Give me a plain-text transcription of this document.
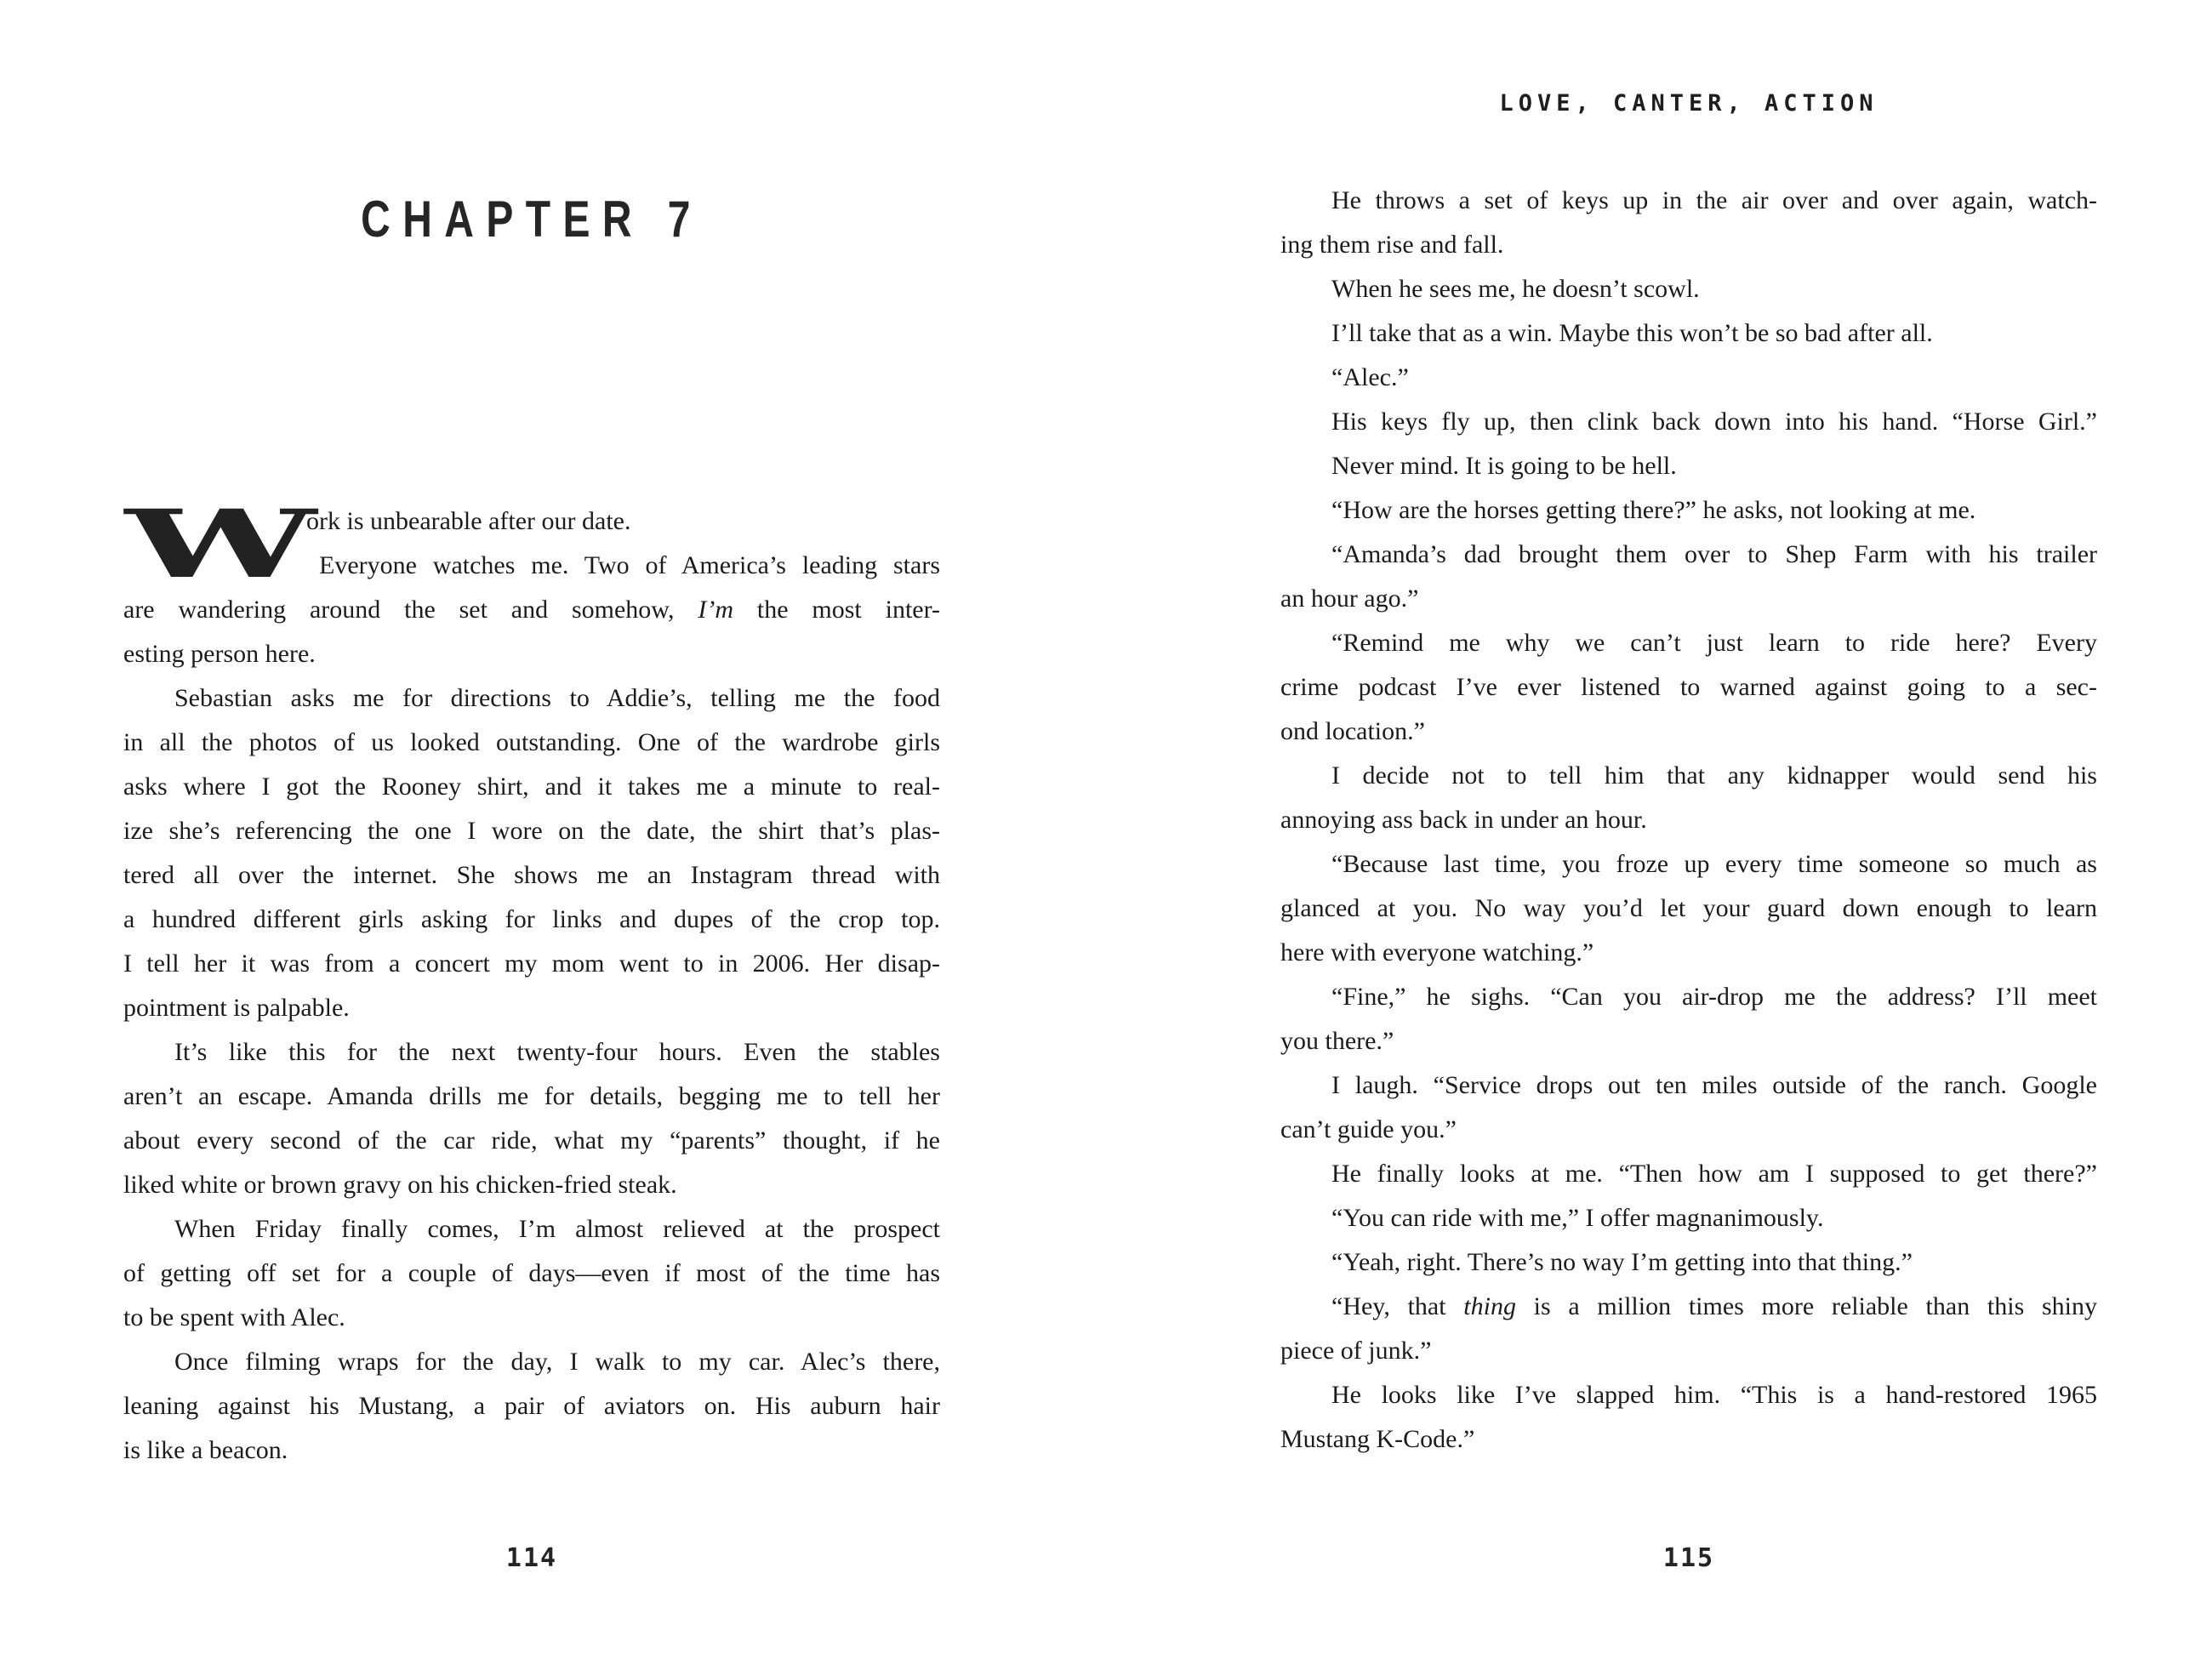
CHAPTER 7
W
ork is unbearable after our date.
Everyone watches me. Two of America’s leading stars
are wandering around the set and somehow, I’m the most inter-
esting person here.
Sebastian asks me for directions to Addie’s, telling me the food
in all the photos of us looked outstanding. One of the wardrobe girls
asks where I got the Rooney shirt, and it takes me a minute to real-
ize she’s referencing the one I wore on the date, the shirt that’s plas-
tered all over the internet. She shows me an Instagram thread with
a hundred different girls asking for links and dupes of the crop top.
I tell her it was from a concert my mom went to in 2006. Her disap-
pointment is palpable.
It’s like this for the next twenty-four hours. Even the stables
aren’t an escape. Amanda drills me for details, begging me to tell her
about every second of the car ride, what my “parents” thought, if he
liked white or brown gravy on his chicken-fried steak.
When Friday finally comes, I’m almost relieved at the prospect
of getting off set for a couple of days—even if most of the time has
to be spent with Alec.
Once filming wraps for the day, I walk to my car. Alec’s there,
leaning against his Mustang, a pair of aviators on. His auburn hair
is like a beacon.
114
LOVE, CANTER, ACTION
He throws a set of keys up in the air over and over again, watch-
ing them rise and fall.
When he sees me, he doesn’t scowl.
I’ll take that as a win. Maybe this won’t be so bad after all.
“Alec.”
His keys fly up, then clink back down into his hand. “Horse Girl.”
Never mind. It is going to be hell.
“How are the horses getting there?” he asks, not looking at me.
“Amanda’s dad brought them over to Shep Farm with his trailer
an hour ago.”
“Remind me why we can’t just learn to ride here? Every
crime podcast I’ve ever listened to warned against going to a sec-
ond location.”
I decide not to tell him that any kidnapper would send his
annoying ass back in under an hour.
“Because last time, you froze up every time someone so much as
glanced at you. No way you’d let your guard down enough to learn
here with everyone watching.”
“Fine,” he sighs. “Can you air-drop me the address? I’ll meet
you there.”
I laugh. “Service drops out ten miles outside of the ranch. Google
can’t guide you.”
He finally looks at me. “Then how am I supposed to get there?”
“You can ride with me,” I offer magnanimously.
“Yeah, right. There’s no way I’m getting into that thing.”
“Hey, that thing is a million times more reliable than this shiny
piece of junk.”
He looks like I’ve slapped him. “This is a hand-restored 1965
Mustang K-Code.”
115
